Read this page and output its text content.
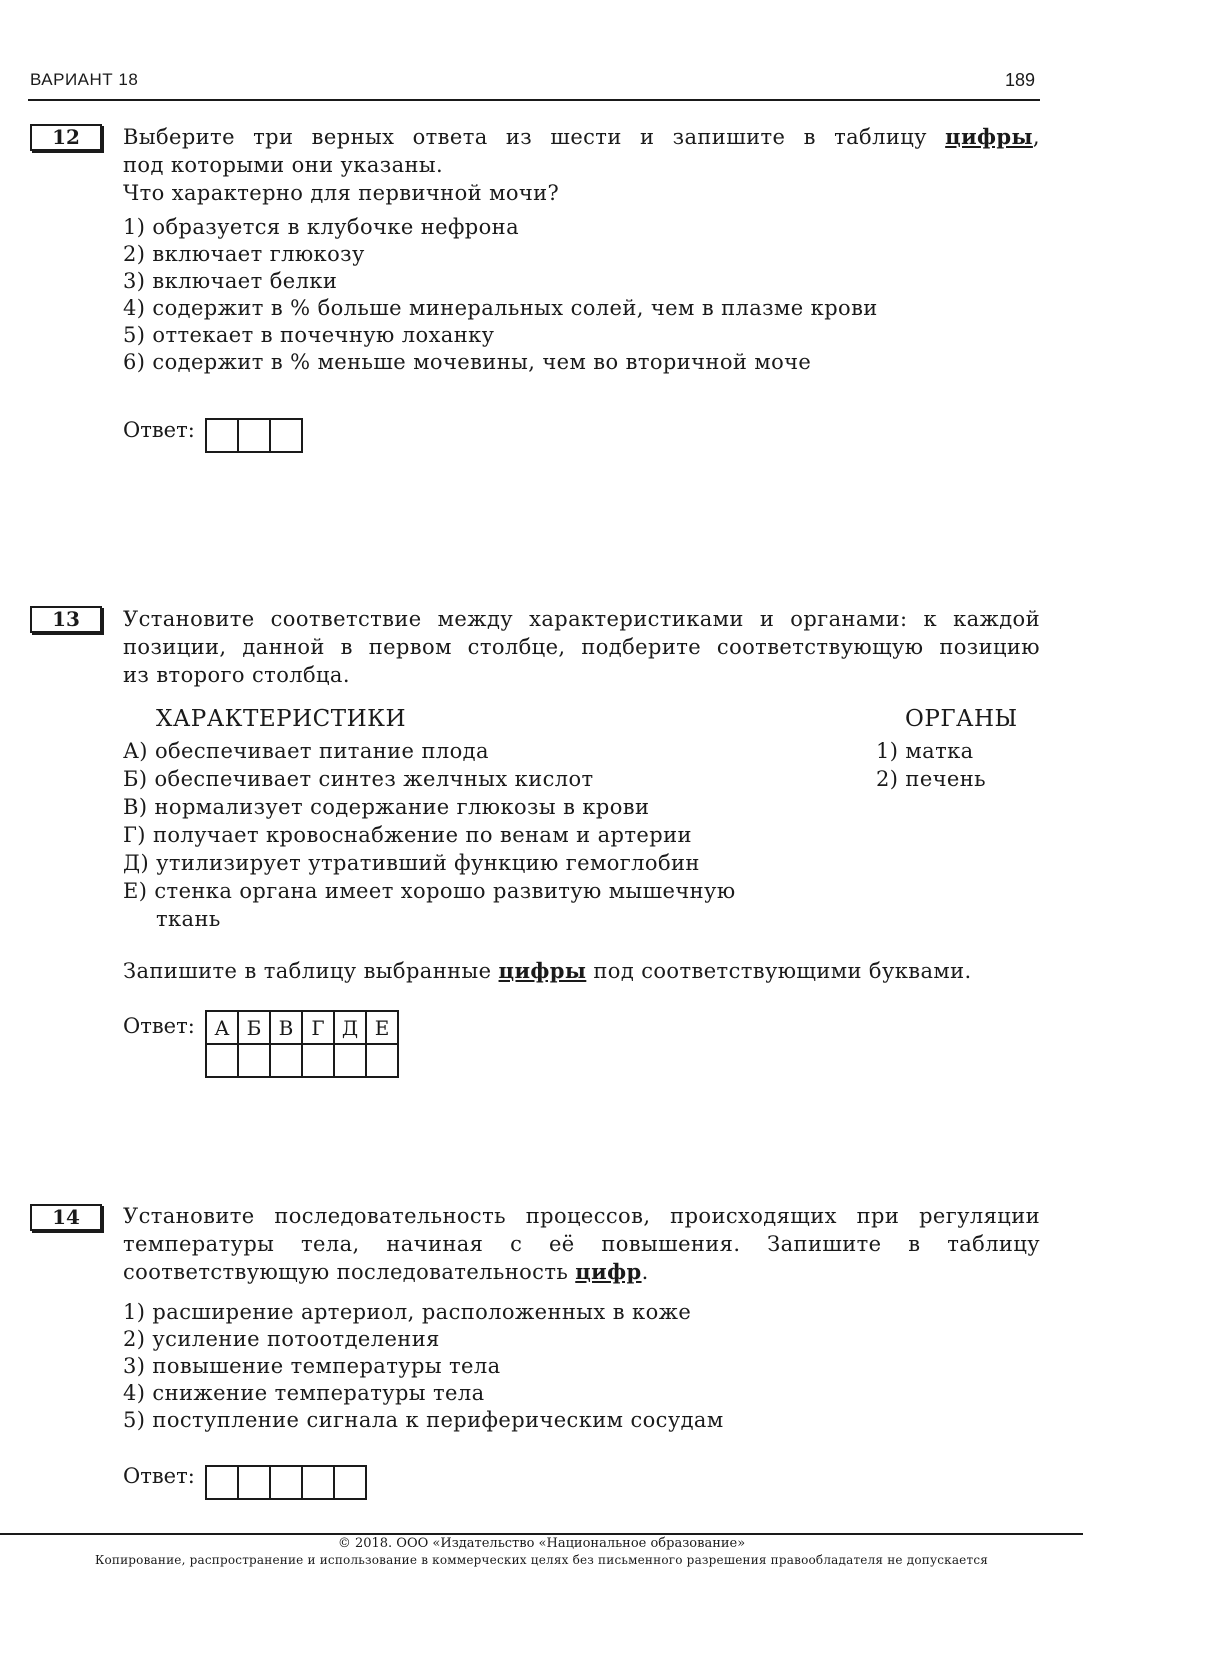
ВАРИАНТ 18	189
12	Выберите три верных ответа из шести и запишите в таблицу цифры,
под которыми они указаны.
Что характерно для первичной мочи?
1) образуется в клубочке нефрона
2) включает глюкозу
3) включает белки
4) содержит в % больше минеральных солей, чем в плазме крови
5) оттекает в почечную лоханку
6) содержит в % меньше мочевины, чем во вторичной моче
Ответ:

13	Установите соответствие между характеристиками и органами: к каждой
позиции, данной в первом столбце, подберите соответствующую позицию
из второго столбца.
ХАРАКТЕРИСТИКИ	ОРГАНЫ
А) обеспечивает питание плода
Б) обеспечивает синтез желчных кислот
В) нормализует содержание глюкозы в крови
Г) получает кровоснабжение по венам и артерии
Д) утилизирует утративший функцию гемоглобин
Е) стенка органа имеет хорошо развитую мышечную
ткань
1) матка
2) печень
Запишите в таблицу выбранные цифры под соответствующими буквами.
Ответ: А	Б	В	Г	Д	Е

14	Установите последовательность процессов, происходящих при регуляции
температуры тела, начиная с её повышения. Запишите в таблицу
соответствующую последовательность цифр.
1) расширение артериол, расположенных в коже
2) усиление потоотделения
3) повышение температуры тела
4) снижение температуры тела
5) поступление сигнала к периферическим сосудам
Ответ:

© 2018. ООО «Издательство «Национальное образование»
Копирование, распространение и использование в коммерческих целях без письменного разрешения правообладателя не допускается
